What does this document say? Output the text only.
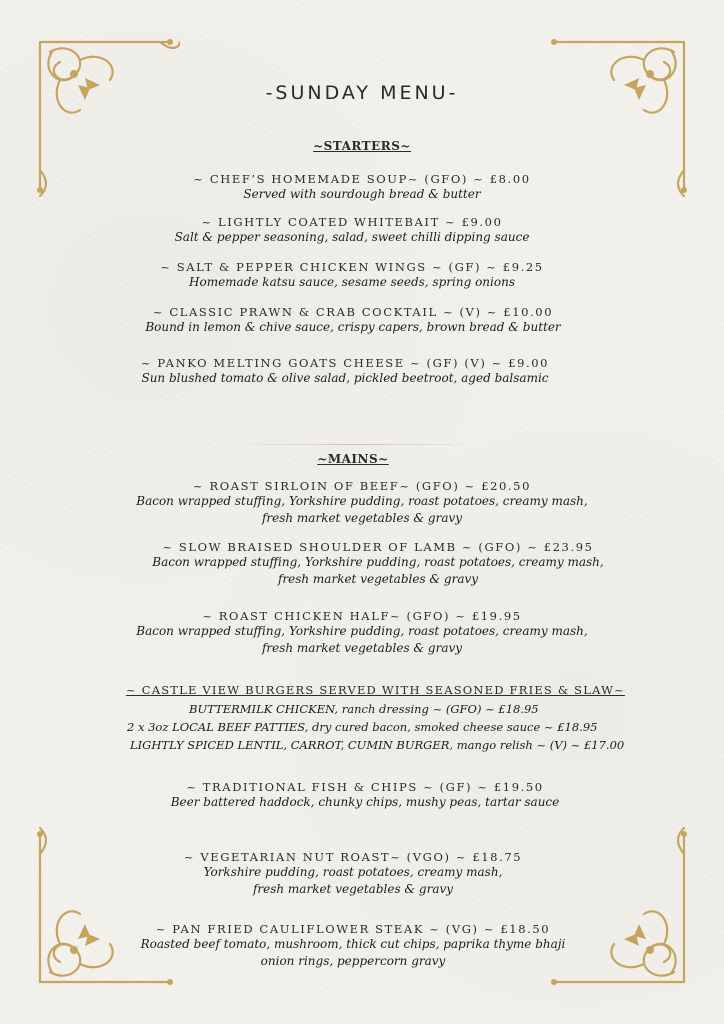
-SUNDAY MENU-
~STARTERS~
~ CHEF’S HOMEMADE SOUP~ (GFO) ~ £8.00
Served with sourdough bread & butter
~ LIGHTLY COATED WHITEBAIT ~ £9.00
Salt & pepper seasoning, salad, sweet chilli dipping sauce
~ SALT & PEPPER CHICKEN WINGS ~ (GF) ~ £9.25
Homemade katsu sauce, sesame seeds, spring onions
~ CLASSIC PRAWN & CRAB COCKTAIL ~ (V) ~ £10.00
Bound in lemon & chive sauce, crispy capers, brown bread & butter
~ PANKO MELTING GOATS CHEESE ~ (GF) (V) ~ £9.00
Sun blushed tomato & olive salad, pickled beetroot, aged balsamic
~MAINS~
~ ROAST SIRLOIN OF BEEF~ (GFO) ~ £20.50
Bacon wrapped stuffing, Yorkshire pudding, roast potatoes, creamy mash,
fresh market vegetables & gravy
~ SLOW BRAISED SHOULDER OF LAMB ~ (GFO) ~ £23.95
Bacon wrapped stuffing, Yorkshire pudding, roast potatoes, creamy mash,
fresh market vegetables & gravy
~ ROAST CHICKEN HALF~ (GFO) ~ £19.95
Bacon wrapped stuffing, Yorkshire pudding, roast potatoes, creamy mash,
fresh market vegetables & gravy
~ CASTLE VIEW BURGERS SERVED WITH SEASONED FRIES & SLAW~
BUTTERMILK CHICKEN, ranch dressing ~ (GFO) ~ £18.95
2 x 3oz LOCAL BEEF PATTIES, dry cured bacon, smoked cheese sauce ~ £18.95
LIGHTLY SPICED LENTIL, CARROT, CUMIN BURGER, mango relish ~ (V) ~ £17.00
~ TRADITIONAL FISH & CHIPS ~ (GF) ~ £19.50
Beer battered haddock, chunky chips, mushy peas, tartar sauce
~ VEGETARIAN NUT ROAST~ (VGO) ~ £18.75
Yorkshire pudding, roast potatoes, creamy mash,
fresh market vegetables & gravy
~ PAN FRIED CAULIFLOWER STEAK ~ (VG) ~ £18.50
Roasted beef tomato, mushroom, thick cut chips, paprika thyme bhaji
onion rings, peppercorn gravy
